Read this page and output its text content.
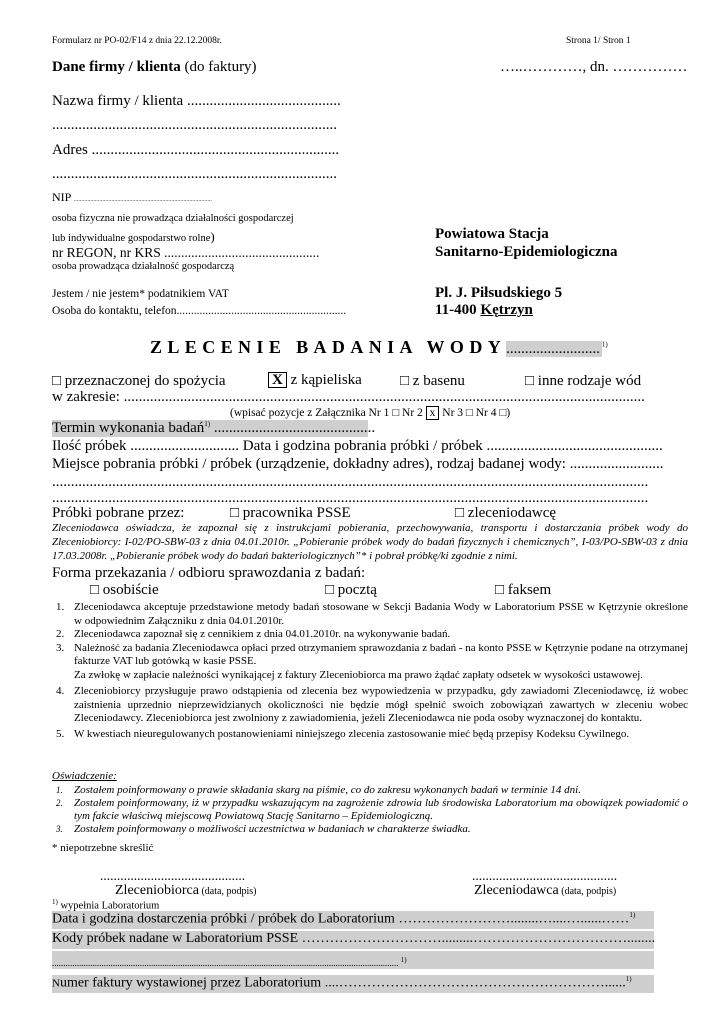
Formularz nr PO-02/F14 z dnia 22.12.2008r.	Strona 1/ Stron 1
Dane firmy / klienta (do faktury)	…..…………, dn. ……………
Nazwa firmy / klienta .........................................
............................................................................
Adres ..................................................................
............................................................................
NIP ............................................................................................
osoba fizyczna nie prowadząca działalności gospodarczej
lub indywidualne gospodarstwo rolne)
nr REGON, nr KRS ..............................................
osoba prowadząca działalność gospodarczą
Jestem / nie jestem* podatnikiem VAT
Osoba do kontaktu, telefon...........................................................
Powiatowa Stacja
Sanitarno-Epidemiologiczna
Pl. J. Piłsudskiego 5
11-400 Kętrzyn
ZLECENIE BADANIA WODY......................... $^{1)}$
□ przeznaczonej do spożycia	X z kąpieliska	□ z basenu	□ inne rodzaje wód
w zakresie: ...........................................................................................................................................
(wpisać pozycje z Załącznika Nr 1 □ Nr 2 x Nr 3 □ Nr 4 □)
Termin wykonania badań$^{1)}$ ...........................................
Ilość próbek ............................. Data i godzina pobrania próbki / próbek ...............................................
Miejsce pobrania próbki / próbek (urządzenie, dokładny adres), rodzaj badanej wody: .........................
...............................................................................................................................................................
...............................................................................................................................................................
Próbki pobrane przez:	□ pracownika PSSE	□ zleceniodawcę
Zleceniodawca oświadcza, że zapoznał się z instrukcjami pobierania, przechowywania, transportu i dostarczania próbek wody do Zleceniobiorcy: I-02/PO-SBW-03 z dnia 04.01.2010r. „Pobieranie próbek wody do badań fizycznych i chemicznych”, I-03/PO-SBW-03 z dnia 17.03.2008r. „Pobieranie próbek wody do badań bakteriologicznych”* i pobrał próbkę/ki zgodnie z nimi.
Forma przekazania / odbioru sprawozdania z badań:
□ osobiście	□ pocztą	□ faksem
1. Zleceniodawca akceptuje przedstawione metody badań stosowane w Sekcji Badania Wody w Laboratorium PSSE w Kętrzynie określone w odpowiednim Załączniku z dnia 04.01.2010r.
2. Zleceniodawca zapoznał się z cennikiem z dnia 04.01.2010r. na wykonywanie badań.
3. Należność za badania Zleceniodawca opłaci przed otrzymaniem sprawozdania z badań - na konto PSSE w Kętrzynie podane na otrzymanej fakturze VAT lub gotówką w kasie PSSE.
Za zwłokę w zapłacie należności wynikającej z faktury Zleceniobiorca ma prawo żądać zapłaty odsetek w wysokości ustawowej.
4. Zleceniobiorcy przysługuje prawo odstąpienia od zlecenia bez wypowiedzenia w przypadku, gdy zawiadomi Zleceniodawcę, iż wobec zaistnienia uprzednio nieprzewidzianych okoliczności nie będzie mógł spełnić swoich zobowiązań zawartych w zleceniu wobec Zleceniodawcy. Zleceniobiorca jest zwolniony z zawiadomienia, jeżeli Zleceniodawca nie poda osoby wyznaczonej do kontaktu.
5. W kwestiach nieuregulowanych postanowieniami niniejszego zlecenia zastosowanie mieć będą przepisy Kodeksu Cywilnego.
Oświadczenie:
1. Zostałem poinformowany o prawie składania skarg na piśmie, co do zakresu wykonanych badań w terminie 14 dni.
2. Zostałem poinformowany, iż w przypadku wskazującym na zagrożenie zdrowia lub środowiska Laboratorium ma obowiązek powiadomić o tym fakcie właściwą miejscową Powiatową Stację Sanitarno – Epidemiologiczną.
3. Zostałem poinformowany o możliwości uczestnictwa w badaniach w charakterze świadka.
* niepotrzebne skreślić
...........................................
Zleceniobiorca (data, podpis)
...........................................
Zleceniodawca (data, podpis)
$^{1)}$ wypełnia Laboratorium
Data i godzina dostarczenia próbki / próbek do Laboratorium ……………………........…....…......……$^{1)}$
Kody próbek nadane w Laboratorium PSSE ………………………….........……………………………........
.......................................................................................................................................................... $^{1)}$
Numer faktury wystawionej przez Laboratorium ....…………………………………………………......$^{1)}$
